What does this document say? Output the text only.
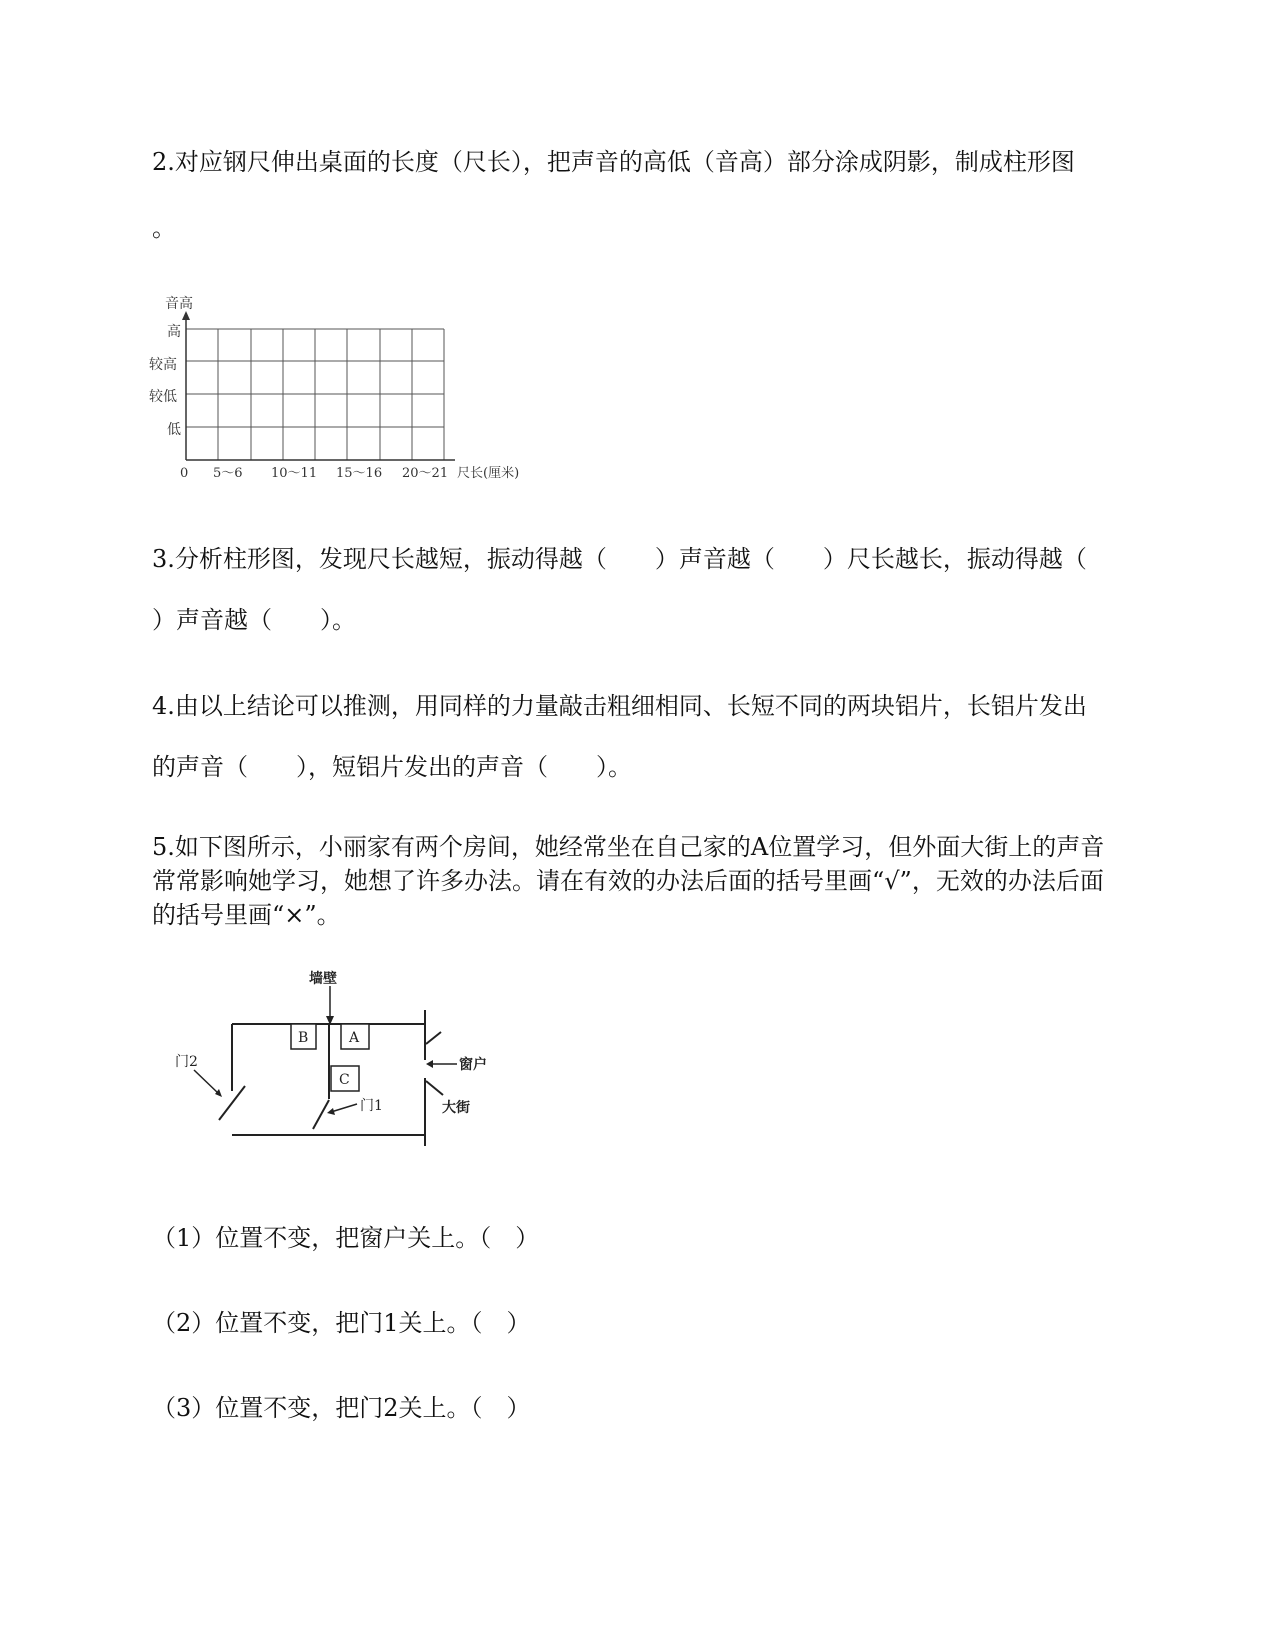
2.对应钢尺伸出桌面的长度（尺长），把声音的高低（音高）部分涂成阴影，制成柱形图
。
音高
高
较高
较低
低
0 5～6 10～11 15～16 20～21 尺长(厘米)
3.分析柱形图，发现尺长越短，振动得越（　　）声音越（　　）尺长越长，振动得越（
）声音越（　　）。
4.由以上结论可以推测，用同样的力量敲击粗细相同、长短不同的两块铝片，长铝片发出
的声音（　　），短铝片发出的声音（　　）。
5.如下图所示，小丽家有两个房间，她经常坐在自己家的A位置学习，但外面大街上的声音常常影响她学习，她想了许多办法。请在有效的办法后面的括号里画“√”，无效的办法后面的括号里画“×”。
墙壁
B	A
C
门2
门1
窗户
大街
（1）位置不变，把窗户关上。（　）
（2）位置不变，把门1关上。（　）
（3）位置不变，把门2关上。（　）
